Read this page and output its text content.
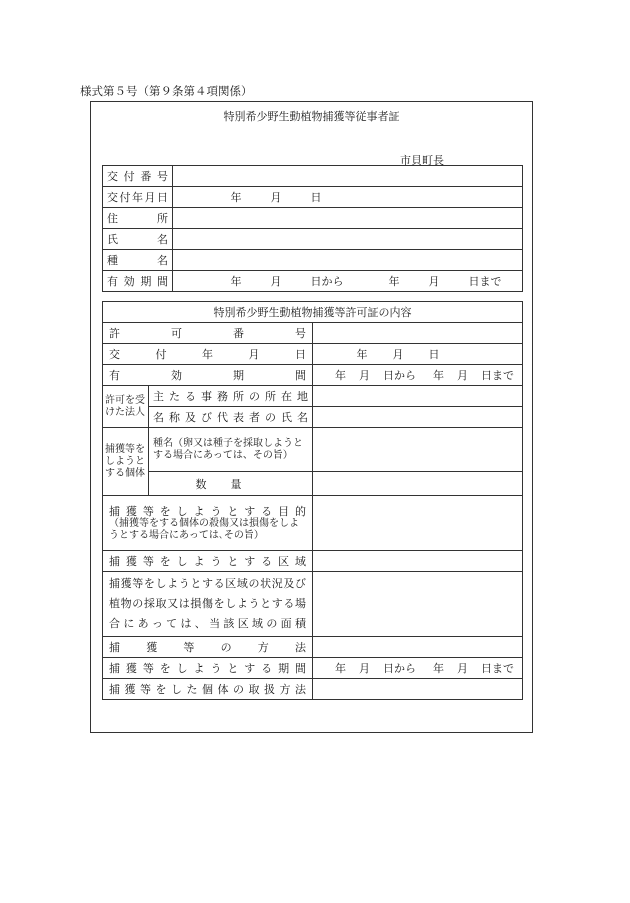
様式第５号（第９条第４項関係）
特別希少野生動植物捕獲等従事者証
市貝町長
交付番号	
交付年月日	年 月 日
住　　所	
氏　　名	
種　　名	
有効期間	年 月 日から 年 月 日まで
特別希少野生動植物捕獲等許可証の内容		
許可番号		
交付年月日		年 月 日
有効期間		年 月 日から 年 月 日まで
許可を受けた法人	主たる事務所の所在地	
	名称及び代表者の氏名	
捕獲等をしようとする個体	種名（卵又は種子を採取しようとする場合にあっては、その旨）	
	数量	

捕獲等をしようとする目的
（捕獲等をする個体の殺傷又は損傷をしようとする場合にあっては､その旨）		

捕獲等をしようとする区域		

捕獲等をしようとする区域の状況及び
植物の採取又は損傷をしようとする場
合にあっては、当該区域の面積		

捕獲等の方法		
捕獲等をしようとする期間		年 月 日から 年 月 日まで
捕獲等をした個体の取扱方法		
